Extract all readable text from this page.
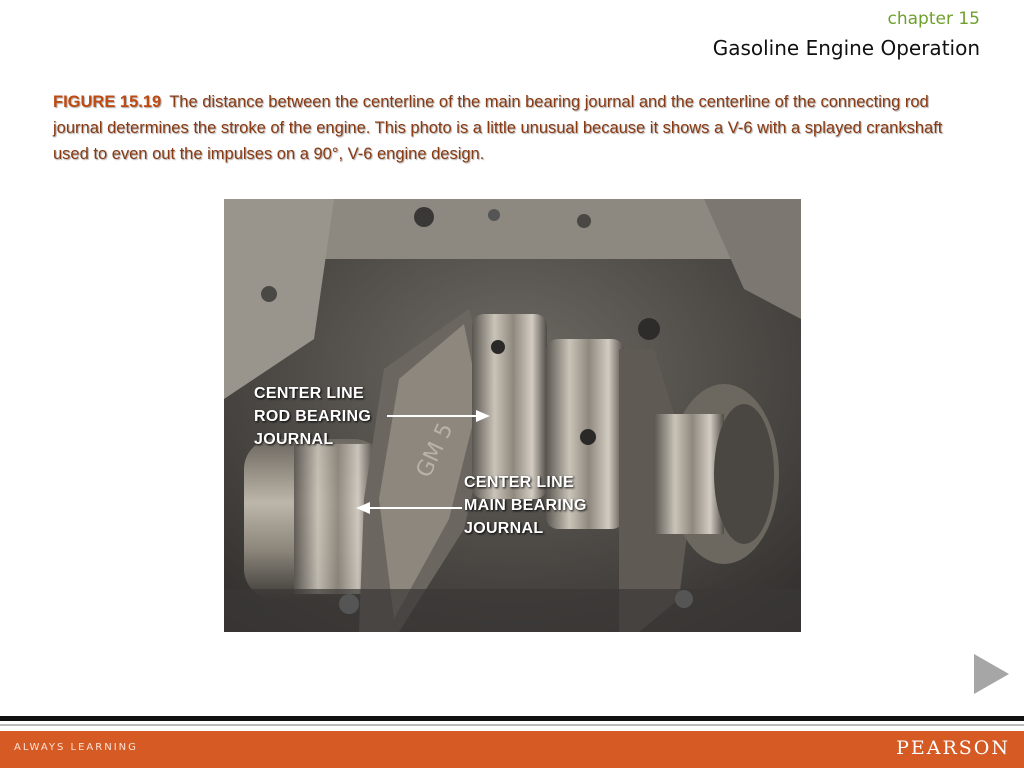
chapter 15
Gasoline Engine Operation
FIGURE 15.19 The distance between the centerline of the main bearing journal and the centerline of the connecting rod journal determines the stroke of the engine. This photo is a little unusual because it shows a V-6 with a splayed crankshaft used to even out the impulses on a 90°, V-6 engine design.
GM 5
CENTER LINE
ROD BEARING
JOURNAL
CENTER LINE
MAIN BEARING
JOURNAL
ALWAYS LEARNING	PEARSON
